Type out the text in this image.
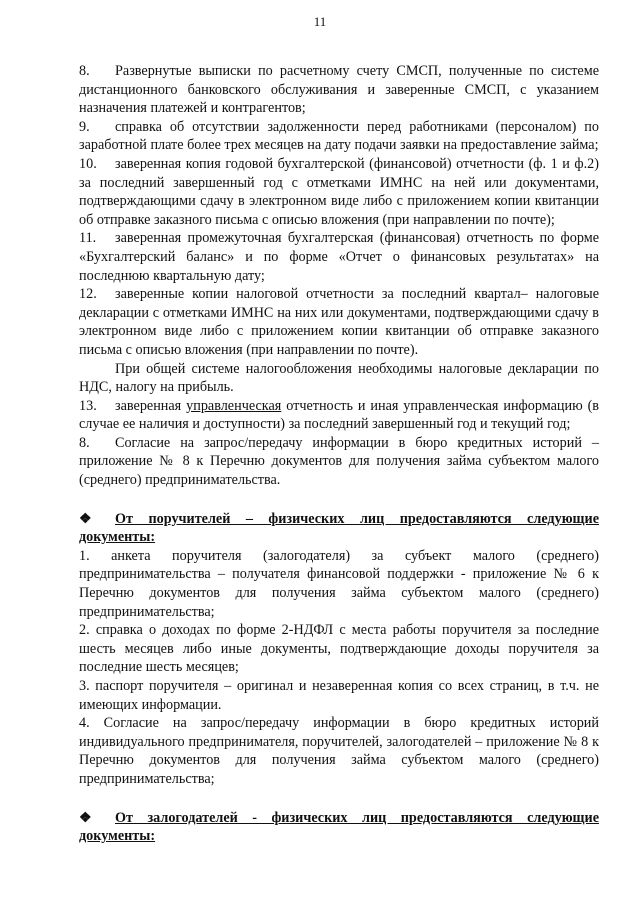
11

8. Развернутые выписки по расчетному счету СМСП, полученные по системе дистанционного банковского обслуживания и заверенные СМСП, с указанием назначения платежей и контрагентов;

9. справка об отсутствии задолженности перед работниками (персоналом) по заработной плате более трех месяцев на дату подачи заявки на предоставление займа;

10. заверенная копия годовой бухгалтерской (финансовой) отчетности (ф. 1 и ф.2) за последний завершенный год с отметками ИМНС на ней или документами, подтверждающими сдачу в электронном виде либо с приложением копии квитанции об отправке заказного письма с описью вложения (при направлении по почте);

11. заверенная промежуточная бухгалтерская (финансовая) отчетность по форме «Бухгалтерский баланс» и по форме «Отчет о финансовых результатах» на последнюю квартальную дату;

12. заверенные копии налоговой отчетности за последний квартал– налоговые декларации с отметками ИМНС на них или документами, подтверждающими сдачу в электронном виде либо с приложением копии квитанции об отправке заказного письма с описью вложения (при направлении по почте).

При общей системе налогообложения необходимы налоговые декларации по НДС, налогу на прибыль.

13. заверенная управленческая отчетность и иная управленческая информацию (в случае ее наличия и доступности) за последний завершенный год и текущий год;

8. Согласие на запрос/передачу информации в бюро кредитных историй – приложение № 8 к Перечню документов для получения займа субъектом малого (среднего) предпринимательства.

❖ От поручителей – физических лиц предоставляются следующие документы:

1. анкета поручителя (залогодателя) за субъект малого (среднего) предпринимательства – получателя финансовой поддержки - приложение № 6 к Перечню документов для получения займа субъектом малого (среднего) предпринимательства;

2. справка о доходах по форме 2-НДФЛ с места работы поручителя за последние шесть месяцев либо иные документы, подтверждающие доходы поручителя за последние шесть месяцев;

3. паспорт поручителя – оригинал и незаверенная копия со всех страниц, в т.ч. не имеющих информации.

4. Согласие на запрос/передачу информации в бюро кредитных историй индивидуального предпринимателя, поручителей, залогодателей – приложение № 8 к Перечню документов для получения займа субъектом малого (среднего) предпринимательства;

❖ От залогодателей - физических лиц предоставляются следующие документы:
